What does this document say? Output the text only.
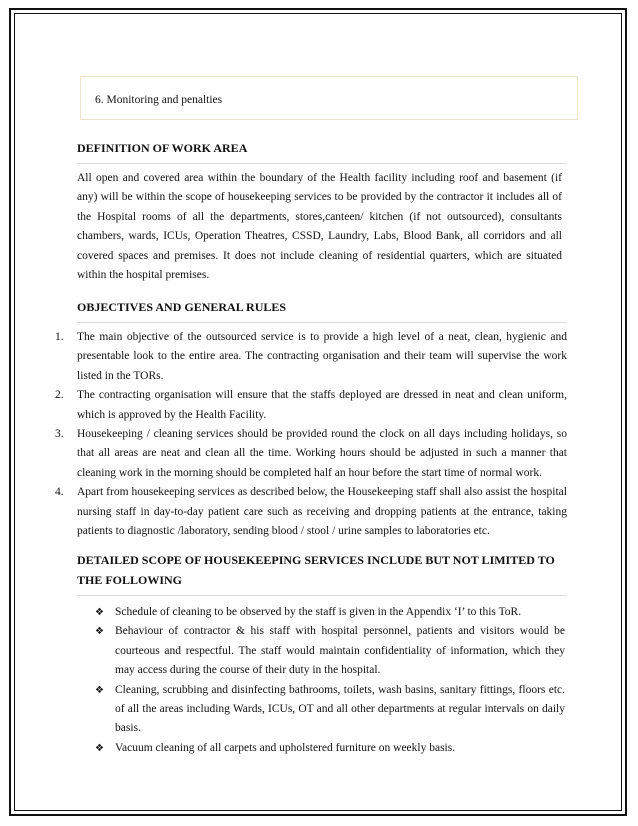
6. Monitoring and penalties
DEFINITION OF WORK AREA

All open and covered area within the boundary of the Health facility including roof and basement (if any) will be within the scope of housekeeping services to be provided by the contractor it includes all of the Hospital rooms of all the departments, stores,canteen/ kitchen (if not outsourced), consultants chambers, wards, ICUs, Operation Theatres, CSSD, Laundry, Labs, Blood Bank, all corridors and all covered spaces and premises. It does not include cleaning of residential quarters, which are situated within the hospital premises.

OBJECTIVES AND GENERAL RULES
1. The main objective of the outsourced service is to provide a high level of a neat, clean, hygienic and presentable look to the entire area. The contracting organisation and their team will supervise the work listed in the TORs.
2. The contracting organisation will ensure that the staffs deployed are dressed in neat and clean uniform, which is approved by the Health Facility.
3. Housekeeping / cleaning services should be provided round the clock on all days including holidays, so that all areas are neat and clean all the time. Working hours should be adjusted in such a manner that cleaning work in the morning should be completed half an hour before the start time of normal work.
4. Apart from housekeeping services as described below, the Housekeeping staff shall also assist the hospital nursing staff in day-to-day patient care such as receiving and dropping patients at the entrance, taking patients to diagnostic /laboratory, sending blood / stool / urine samples to laboratories etc.
DETAILED SCOPE OF HOUSEKEEPING SERVICES INCLUDE BUT NOT LIMITED TO THE FOLLOWING
❖ Schedule of cleaning to be observed by the staff is given in the Appendix ‘I’ to this ToR.
❖ Behaviour of contractor & his staff with hospital personnel, patients and visitors would be courteous and respectful. The staff would maintain confidentiality of information, which they may access during the course of their duty in the hospital.
❖ Cleaning, scrubbing and disinfecting bathrooms, toilets, wash basins, sanitary fittings, floors etc. of all the areas including Wards, ICUs, OT and all other departments at regular intervals on daily basis.
❖ Vacuum cleaning of all carpets and upholstered furniture on weekly basis.
